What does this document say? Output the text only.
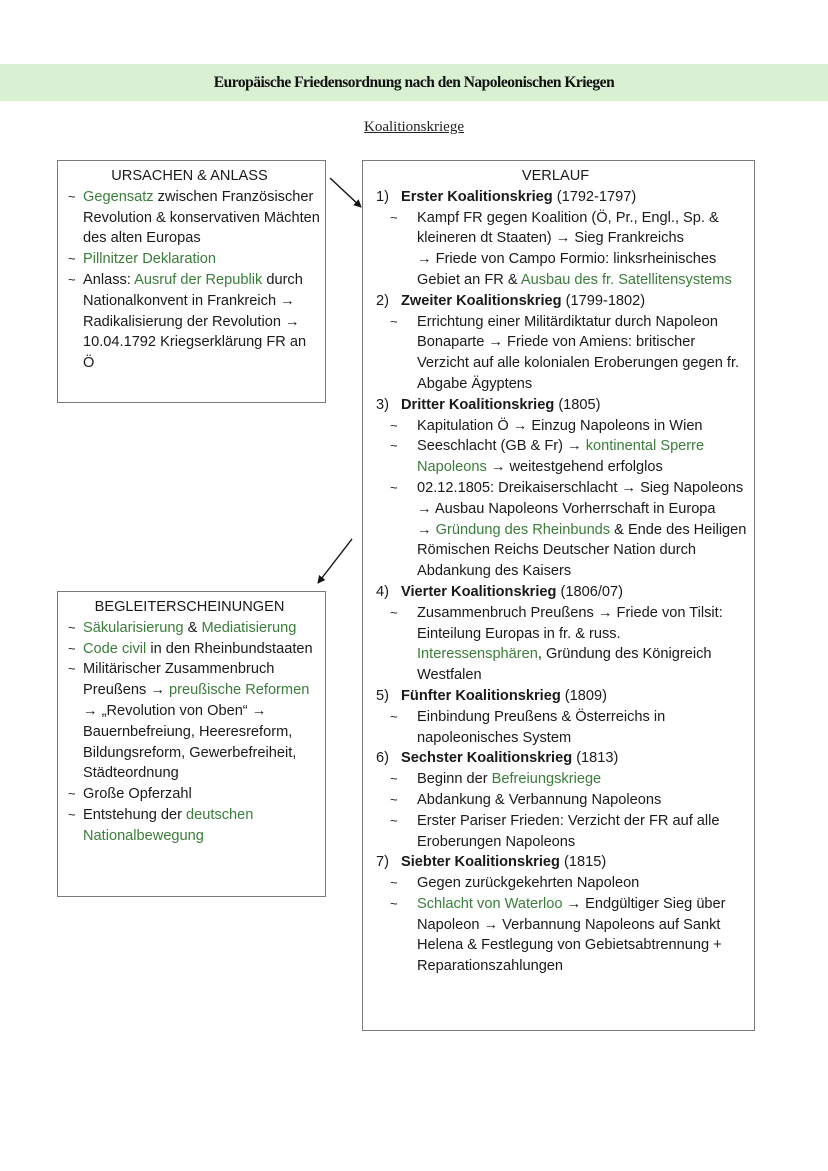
Europäische Friedensordnung nach den Napoleonischen Kriegen
Koalitionskriege
URSACHEN & ANLASS
~ Gegensatz zwischen Französischer Revolution & konservativen Mächten des alten Europas
~ Pillnitzer Deklaration
~ Anlass: Ausruf der Republik durch Nationalkonvent in Frankreich → Radikalisierung der Revolution → 10.04.1792 Kriegserklärung FR an Ö
BEGLEITERSCHEINUNGEN
~ Säkularisierung & Mediatisierung
~ Code civil in den Rheinbundstaaten
~ Militärischer Zusammenbruch Preußens → preußische Reformen → „Revolution von Oben“ → Bauernbefreiung, Heeresreform, Bildungsreform, Gewerbefreiheit, Städteordnung
~ Große Opferzahl
~ Entstehung der deutschen Nationalbewegung
VERLAUF
1) Erster Koalitionskrieg (1792-1797)
~ Kampf FR gegen Koalition (Ö, Pr., Engl., Sp. & kleineren dt Staaten) → Sieg Frankreichs
→ Friede von Campo Formio: linksrheinisches Gebiet an FR & Ausbau des fr. Satellitensystems
2) Zweiter Koalitionskrieg (1799-1802)
~ Errichtung einer Militärdiktatur durch Napoleon Bonaparte → Friede von Amiens: britischer Verzicht auf alle kolonialen Eroberungen gegen fr. Abgabe Ägyptens
3) Dritter Koalitionskrieg (1805)
~ Kapitulation Ö → Einzug Napoleons in Wien
~ Seeschlacht (GB & Fr) → kontinental Sperre Napoleons → weitestgehend erfolglos
~ 02.12.1805: Dreikaiserschlacht → Sieg Napoleons → Ausbau Napoleons Vorherrschaft in Europa
→ Gründung des Rheinbunds & Ende des Heiligen Römischen Reichs Deutscher Nation durch Abdankung des Kaisers
4) Vierter Koalitionskrieg (1806/07)
~ Zusammenbruch Preußens → Friede von Tilsit: Einteilung Europas in fr. & russ. Interessensphären, Gründung des Königreich Westfalen
5) Fünfter Koalitionskrieg (1809)
~ Einbindung Preußens & Österreichs in napoleonisches System
6) Sechster Koalitionskrieg (1813)
~ Beginn der Befreiungskriege
~ Abdankung & Verbannung Napoleons
~ Erster Pariser Frieden: Verzicht der FR auf alle Eroberungen Napoleons
7) Siebter Koalitionskrieg (1815)
~ Gegen zurückgekehrten Napoleon
~ Schlacht von Waterloo → Endgültiger Sieg über Napoleon → Verbannung Napoleons auf Sankt Helena & Festlegung von Gebietsabtrennung + Reparationszahlungen
